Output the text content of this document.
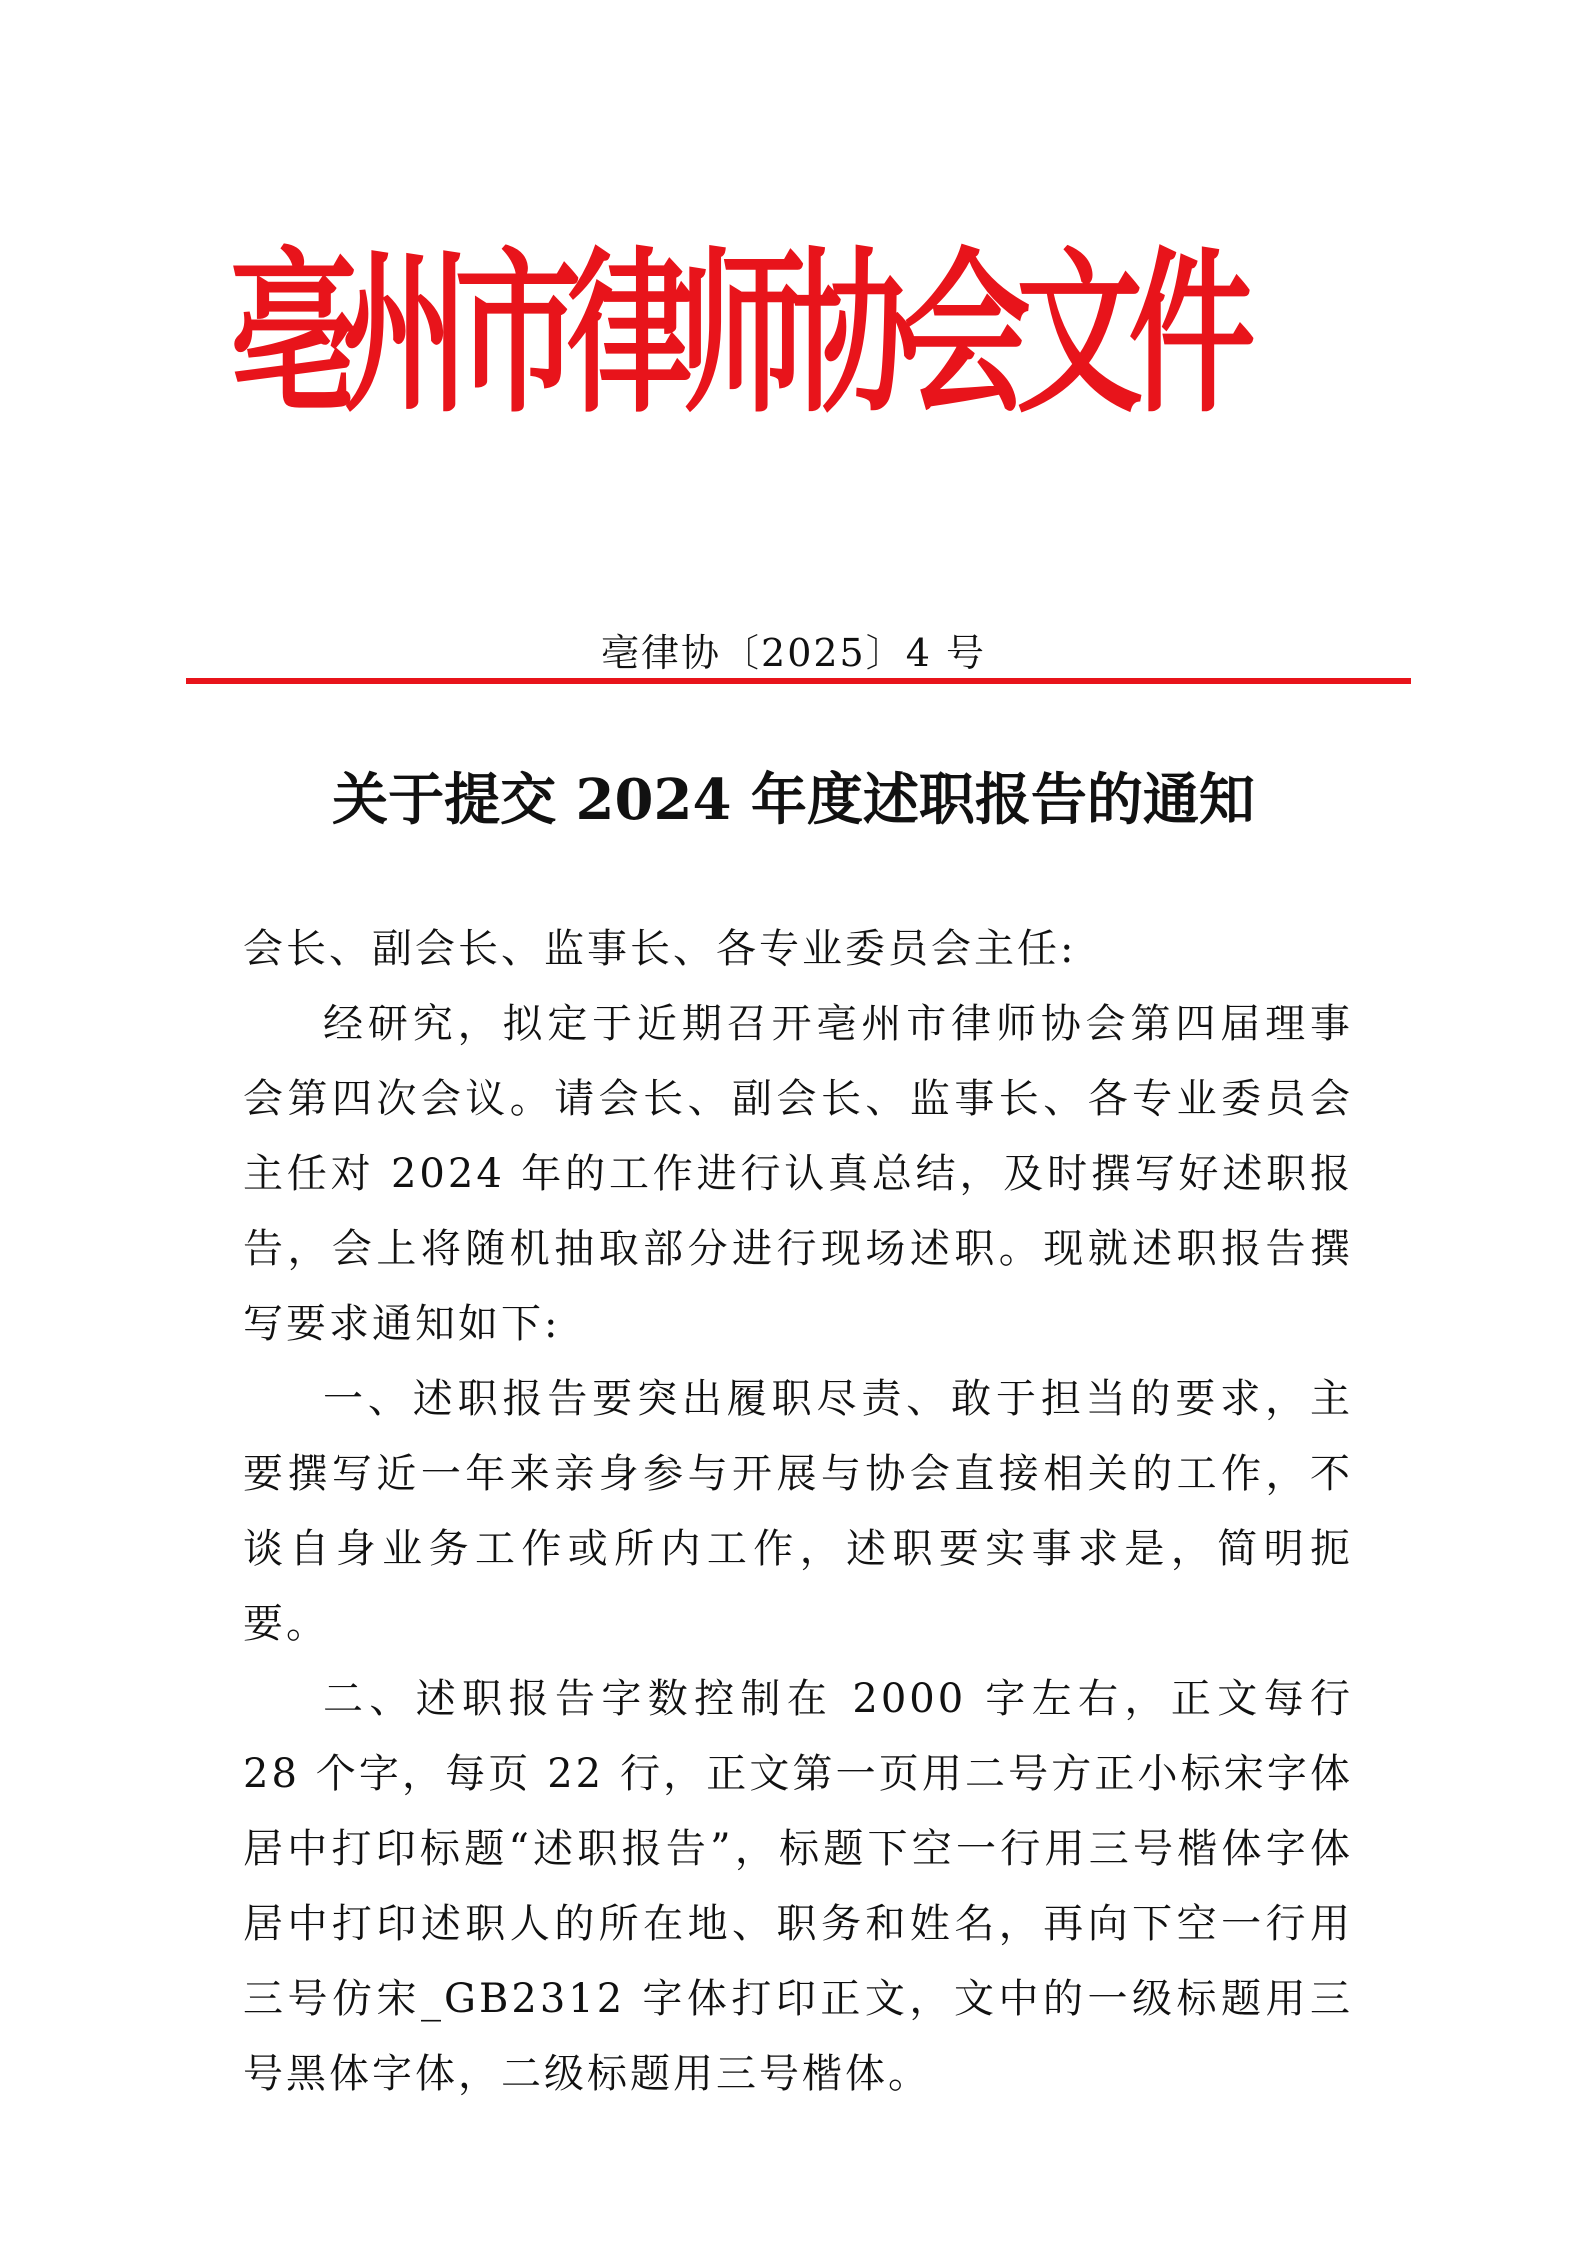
亳州市律师协会文件
亳律协〔2025〕4 号
关于提交 2024 年度述职报告的通知

会长、副会长、监事长、各专业委员会主任:

经研究，拟定于近期召开亳州市律师协会第四届理事会第四次会议。请会长、副会长、监事长、各专业委员会主任对 2024 年的工作进行认真总结，及时撰写好述职报告，会上将随机抽取部分进行现场述职。现就述职报告撰写要求通知如下:

一、述职报告要突出履职尽责、敢于担当的要求，主要撰写近一年来亲身参与开展与协会直接相关的工作，不谈自身业务工作或所内工作，述职要实事求是，简明扼要。

二、述职报告字数控制在 2000 字左右，正文每行 28 个字，每页 22 行，正文第一页用二号方正小标宋字体居中打印标题“述职报告”，标题下空一行用三号楷体字体居中打印述职人的所在地、职务和姓名，再向下空一行用三号仿宋_GB2312 字体打印正文，文中的一级标题用三号黑体字体，二级标题用三号楷体。
